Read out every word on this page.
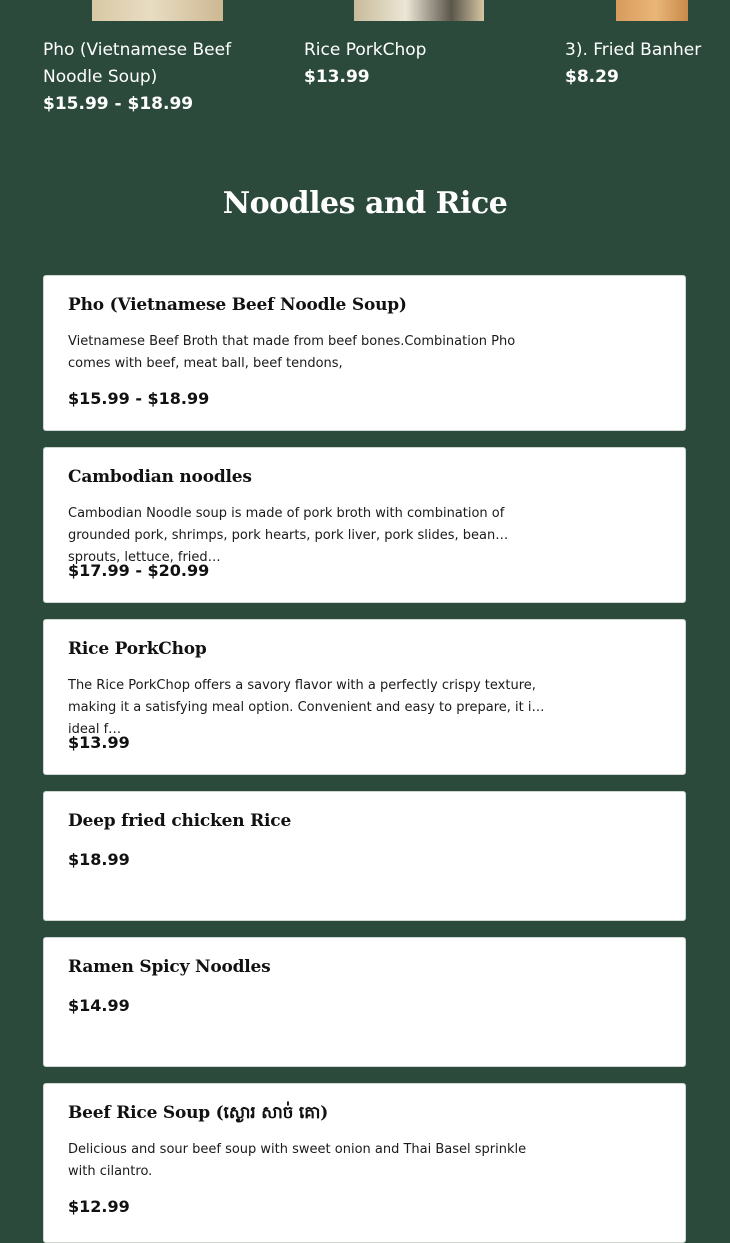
Pho (Vietnamese Beef Noodle Soup)
$15.99 - $18.99
Rice PorkChop
$13.99
3). Fried Banher
$8.29
Noodles and Rice
Pho (Vietnamese Beef Noodle Soup)
Vietnamese Beef Broth that made from beef bones.Combination Pho comes with beef, meat ball, beef tendons,
$15.99 - $18.99
Cambodian noodles
Cambodian Noodle soup is made of pork broth with combination of grounded pork, shrimps, pork hearts, pork liver, pork slides, bean sprouts, lettuce, fried…
$17.99 - $20.99
Rice PorkChop
The Rice PorkChop offers a savory flavor with a perfectly crispy texture, making it a satisfying meal option. Convenient and easy to prepare, it is ideal f…
$13.99
Deep fried chicken Rice
$18.99
Ramen Spicy Noodles
$14.99
Beef Rice Soup (ស្ងោរ សាច់ គោ)
Delicious and sour beef soup with sweet onion and Thai Basel sprinkle with cilantro.
$12.99
